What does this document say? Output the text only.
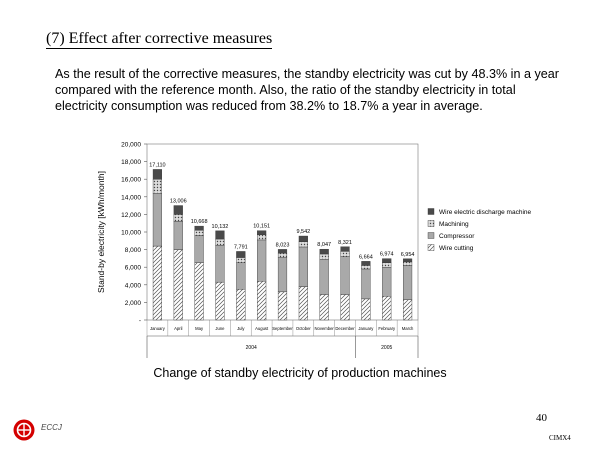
(7) Effect after corrective measures
As the result of the corrective measures, the standby electricity was cut by 48.3% in a year compared with the reference month. Also, the ratio of the standby electricity in total electricity consumption was reduced from 38.2% to 18.7% a year in average.
-
2,000
4,000
6,000
8,000
10,000
12,000
14,000
16,000
18,000
20,000
Stand-by electricity [kWh/month]
17,110
13,006
10,668
10,132
7,791
10,151
8,023
9,542
8,047 8,321
6,664 6,974 6,954
January April	May	June	July	August September October November December January February March
2004	2005
Wire electric discharge machine
Machining
Compressor
Wire cutting
Change of standby electricity of production machines
40
CIMX4
ECCJ
